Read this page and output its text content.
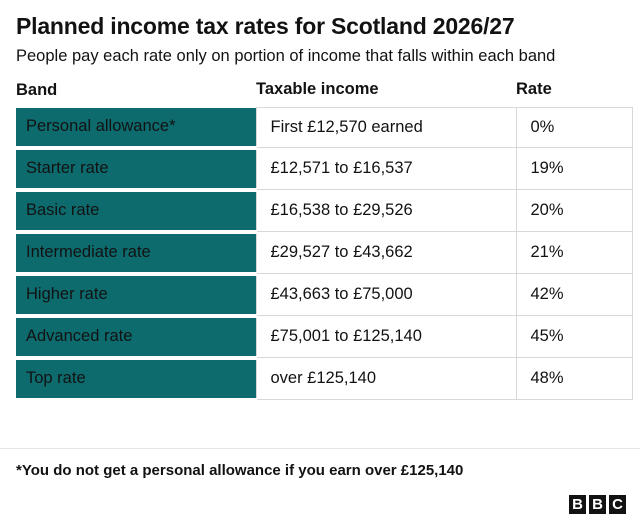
Planned income tax rates for Scotland 2026/27

People pay each rate only on portion of income that falls within each band

Band	Taxable income	Rate
Personal allowance*	First £12,570 earned	0%
Starter rate	£12,571 to £16,537	19%
Basic rate	£16,538 to £29,526	20%
Intermediate rate	£29,527 to £43,662	21%
Higher rate	£43,663 to £75,000	42%
Advanced rate	£75,001 to £125,140	45%
Top rate	over £125,140	48%
*You do not get a personal allowance if you earn over £125,140
B B C
